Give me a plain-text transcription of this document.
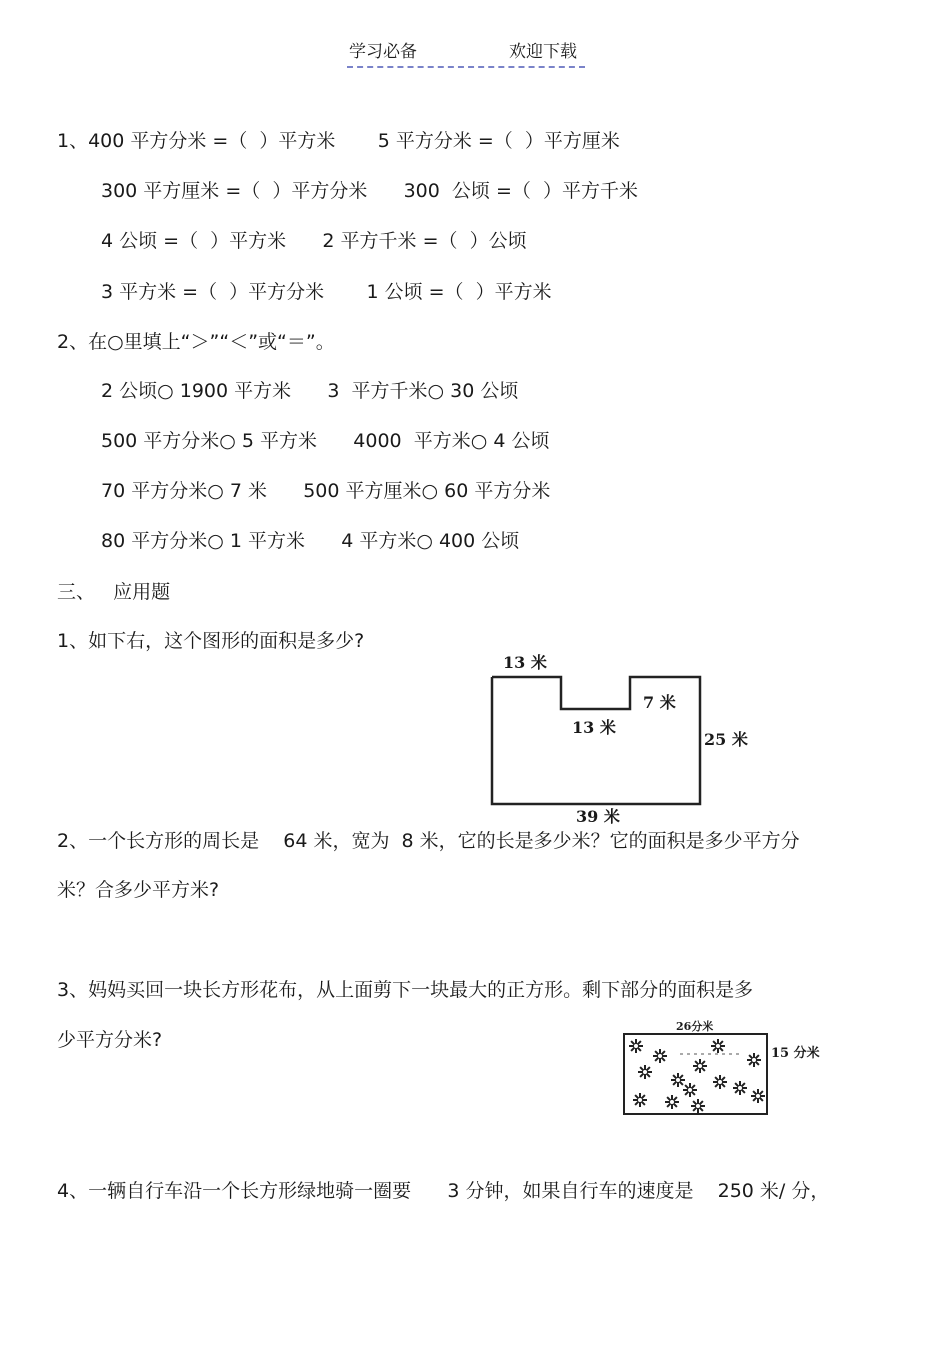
学习必备	欢迎下载
1、400 平方分米 =（  ）平方米       5 平方分米 =（  ）平方厘米
300 平方厘米 =（  ）平方分米      300  公顷 =（  ）平方千米
4 公顷 =（  ）平方米      2 平方千米 =（  ）公顷
3 平方米 =（  ）平方分米       1 公顷 =（  ）平方米
2、在○里填上“＞”“＜”或“＝”。
2 公顷○ 1900 平方米      3  平方千米○ 30 公顷
500 平方分米○ 5 平方米      4000  平方米○ 4 公顷
70 平方分米○ 7 米      500 平方厘米○ 60 平方分米
80 平方分米○ 1 平方米      4 平方米○ 400 公顷
三、   应用题
1、如下右，这个图形的面积是多少?
13 米
7 米
13 米
25 米
39 米
2、一个长方形的周长是    64 米，宽为  8 米，它的长是多少米？它的面积是多少平方分
米？合多少平方米?
3、妈妈买回一块长方形花布，从上面剪下一块最大的正方形。剩下部分的面积是多
少平方分米?
26分米
15 分米
4、一辆自行车沿一个长方形绿地骑一圈要      3 分钟，如果自行车的速度是    250 米/ 分，
